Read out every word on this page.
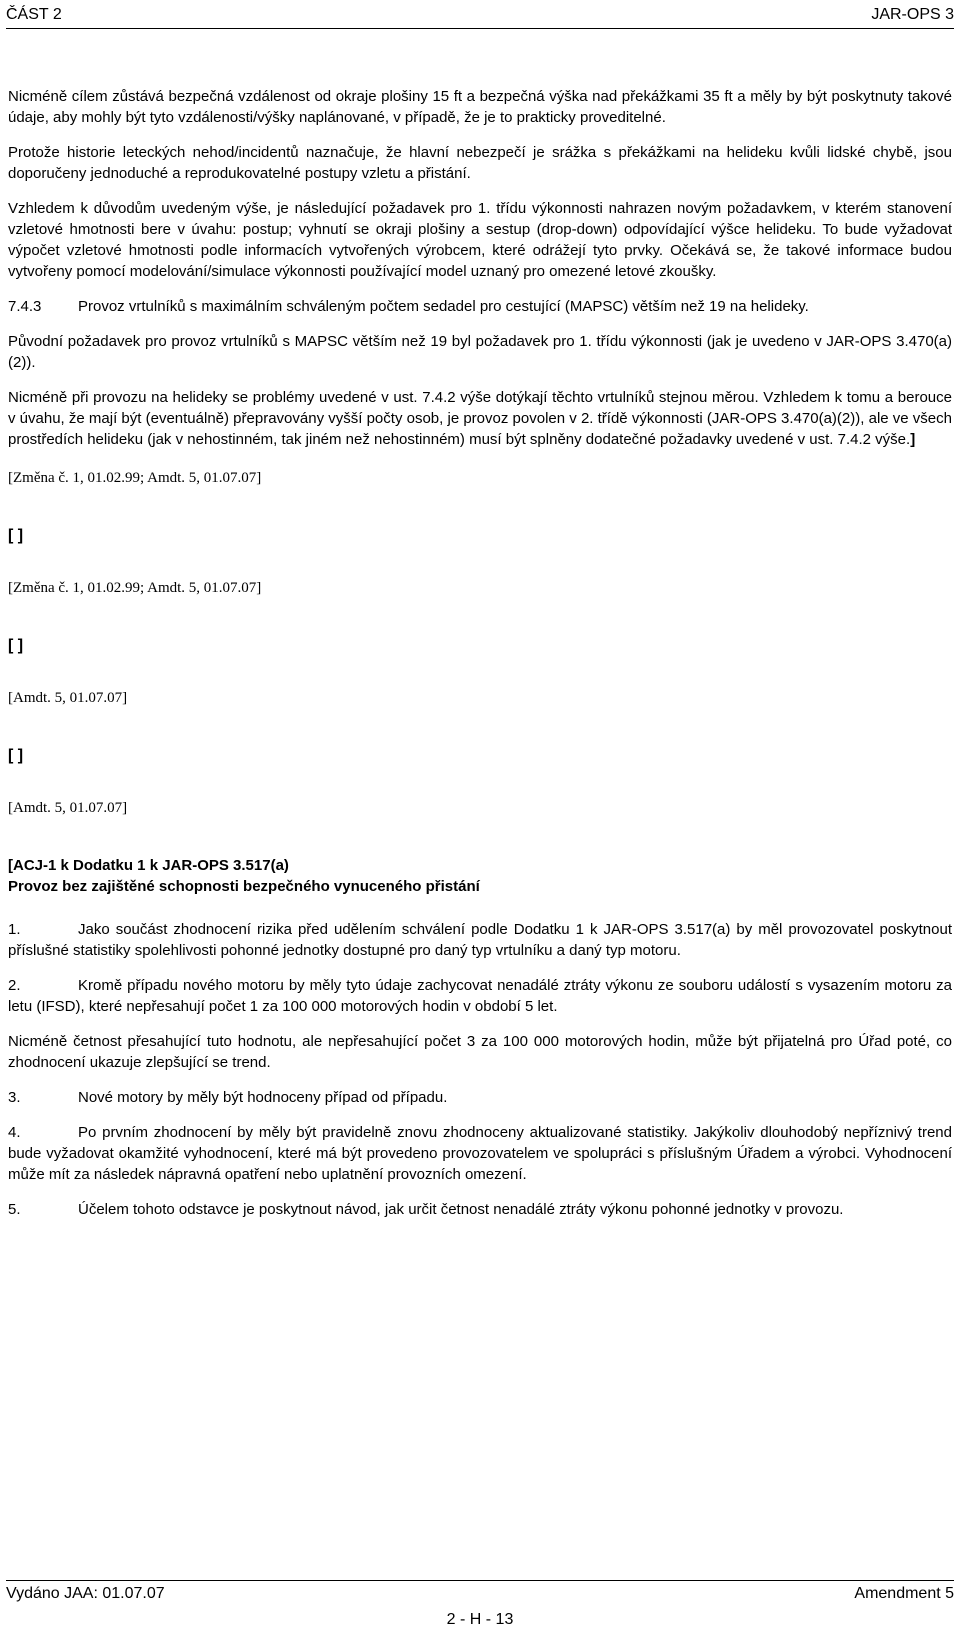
ČÁST 2	JAR-OPS 3

Nicméně cílem zůstává bezpečná vzdálenost od okraje plošiny 15 ft a bezpečná výška nad překážkami 35 ft a měly by být poskytnuty takové údaje, aby mohly být tyto vzdálenosti/výšky naplánované, v případě, že je to prakticky proveditelné.

Protože historie leteckých nehod/incidentů naznačuje, že hlavní nebezpečí je srážka s překážkami na helideku kvůli lidské chybě, jsou doporučeny jednoduché a reprodukovatelné postupy vzletu a přistání.

Vzhledem k důvodům uvedeným výše, je následující požadavek pro 1. třídu výkonnosti nahrazen novým požadavkem, v kterém stanovení vzletové hmotnosti bere v úvahu: postup; vyhnutí se okraji plošiny a sestup (drop-down) odpovídající výšce helideku. To bude vyžadovat výpočet vzletové hmotnosti podle informacích vytvořených výrobcem, které odrážejí tyto prvky. Očekává se, že takové informace budou vytvořeny pomocí modelování/simulace výkonnosti používající model uznaný pro omezené letové zkoušky.

7.4.3 Provoz vrtulníků s maximálním schváleným počtem sedadel pro cestující (MAPSC) větším než 19 na helideky.

Původní požadavek pro provoz vrtulníků s MAPSC větším než 19 byl požadavek pro 1. třídu výkonnosti (jak je uvedeno v JAR-OPS 3.470(a)(2)).

Nicméně při provozu na helideky se problémy uvedené v ust. 7.4.2 výše dotýkají těchto vrtulníků stejnou měrou. Vzhledem k tomu a berouce v úvahu, že mají být (eventuálně) přepravovány vyšší počty osob, je provoz povolen v 2. třídě výkonnosti (JAR-OPS 3.470(a)(2)), ale ve všech prostředích helideku (jak v nehostinném, tak jiném než nehostinném) musí být splněny dodatečné požadavky uvedené v ust. 7.4.2 výše.]

[Změna č. 1, 01.02.99; Amdt. 5, 01.07.07]

[ ]

[Změna č. 1, 01.02.99; Amdt. 5, 01.07.07]

[ ]

[Amdt. 5, 01.07.07]

[ ]

[Amdt. 5, 01.07.07]

[ACJ-1 k Dodatku 1 k JAR-OPS 3.517(a)
Provoz bez zajištěné schopnosti bezpečného vynuceného přistání

1.	Jako součást zhodnocení rizika před udělením schválení podle Dodatku 1 k JAR-OPS 3.517(a) by měl provozovatel poskytnout příslušné statistiky spolehlivosti pohonné jednotky dostupné pro daný typ vrtulníku a daný typ motoru.

2.	Kromě případu nového motoru by měly tyto údaje zachycovat nenadálé ztráty výkonu ze souboru událostí s vysazením motoru za letu (IFSD), které nepřesahují počet 1 za 100 000 motorových hodin v období 5 let.

Nicméně četnost přesahující tuto hodnotu, ale nepřesahující počet 3 za 100 000 motorových hodin, může být přijatelná pro Úřad poté, co zhodnocení ukazuje zlepšující se trend.

3.	Nové motory by měly být hodnoceny případ od případu.

4.	Po prvním zhodnocení by měly být pravidelně znovu zhodnoceny aktualizované statistiky. Jakýkoliv dlouhodobý nepříznivý trend bude vyžadovat okamžité vyhodnocení, které má být provedeno provozovatelem ve spolupráci s příslušným Úřadem a výrobci. Vyhodnocení může mít za následek nápravná opatření nebo uplatnění provozních omezení.

5.	Účelem tohoto odstavce je poskytnout návod, jak určit četnost nenadálé ztráty výkonu pohonné jednotky v provozu.

Vydáno JAA: 01.07.07	Amendment 5
2 - H - 13
